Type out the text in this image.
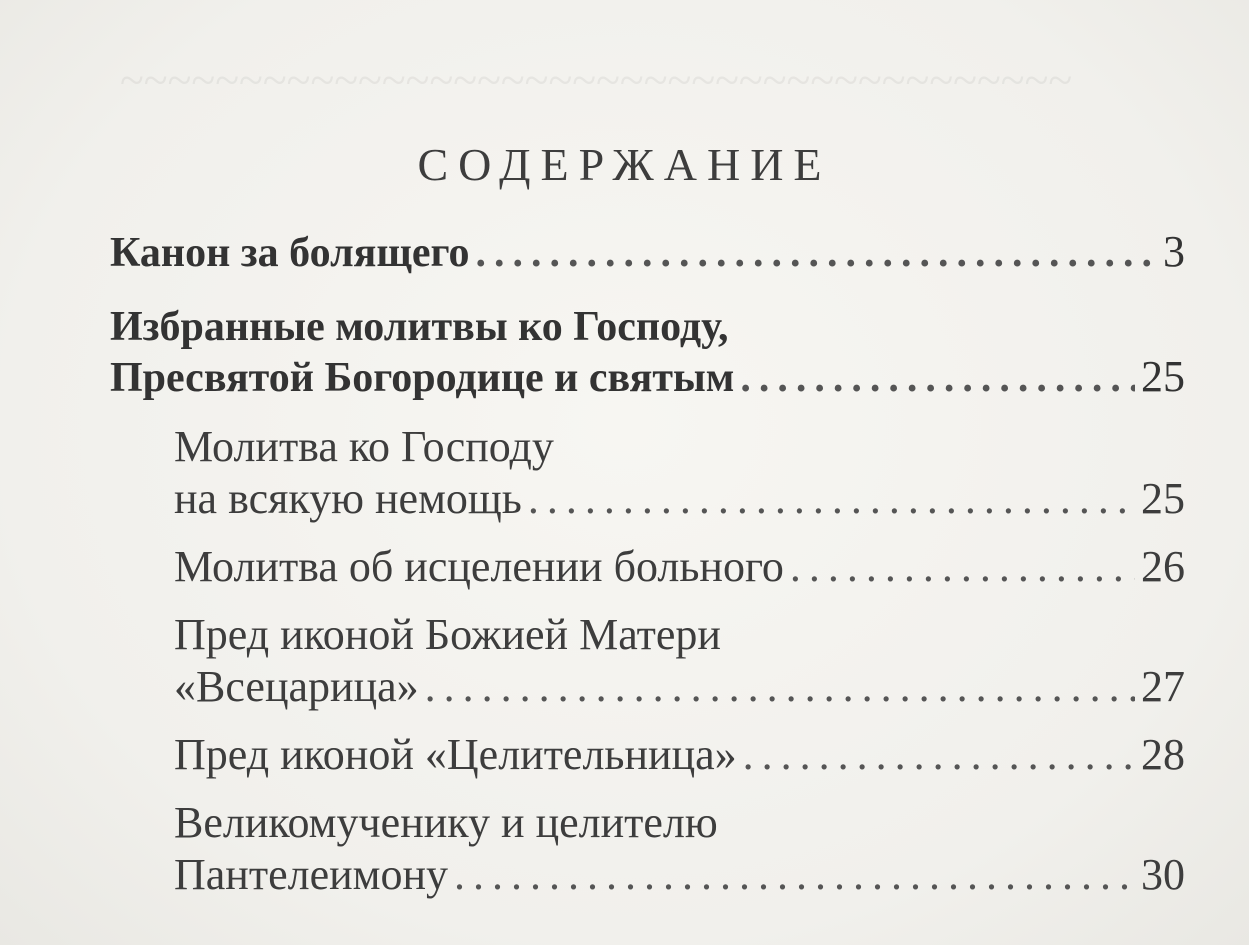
~~~~~~~~~~~~~~~~~~~~~~~~~~~~~~~~~~~~~~~~
СОДЕРЖАНИЕ
Канон за болящего .....	3
Избранные молитвы ко Господу,
Пресвятой Богородице и святым .....	25
Молитва ко Господу
на всякую немощь .....	25
Молитва об исцелении больного .....	26
Пред иконой Божией Матери
«Всецарица» .....	27
Пред иконой «Целительница» .....	28
Великомученику и целителю
Пантелеимону .....	30
